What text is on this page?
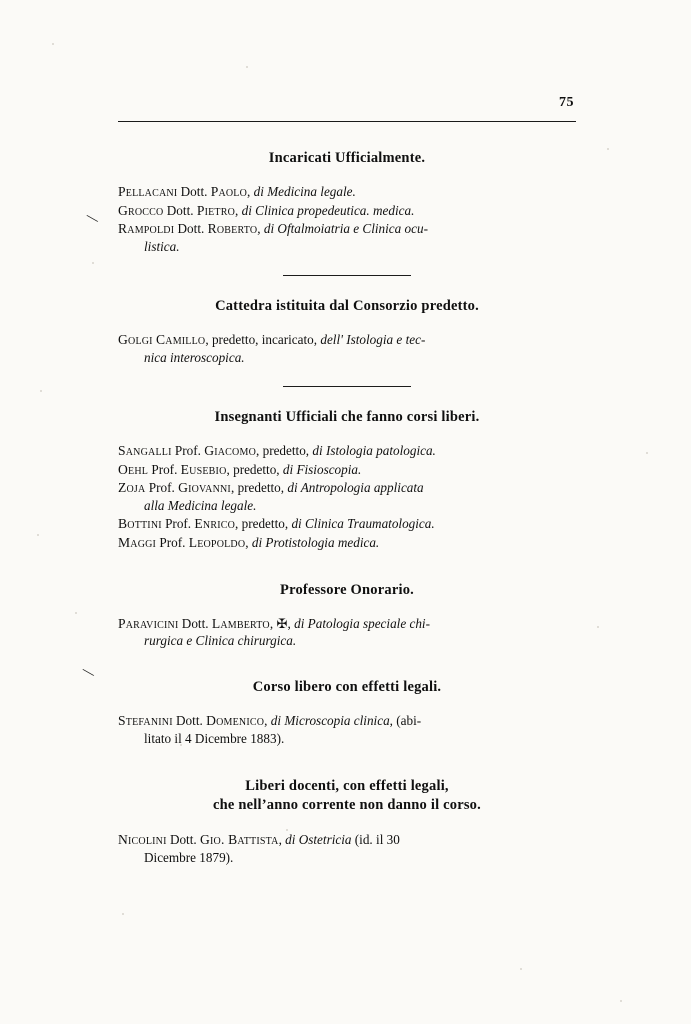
⟍
⟍
75
Incaricati Ufficialmente.
Pellacani Dott. Paolo, di Medicina legale.
Grocco Dott. Pietro, di Clinica propedeutica. medica.
Rampoldi Dott. Roberto, di Oftalmoiatria e Clinica ocu-
listica.
Cattedra istituita dal Consorzio predetto.
Golgi Camillo, predetto, incaricato, dell' Istologia e tec-
nica interoscopica.
Insegnanti Ufficiali che fanno corsi liberi.
Sangalli Prof. Giacomo, predetto, di Istologia patologica.
Oehl Prof. Eusebio, predetto, di Fisioscopia.
Zoja Prof. Giovanni, predetto, di Antropologia applicata
alla Medicina legale.
Bottini Prof. Enrico, predetto, di Clinica Traumatologica.
Maggi Prof. Leopoldo, di Protistologia medica.
Professore Onorario.
Paravicini Dott. Lamberto, ✠, di Patologia speciale chi-
rurgica e Clinica chirurgica.
Corso libero con effetti legali.
Stefanini Dott. Domenico, di Microscopia clinica, (abi-
litato il 4 Dicembre 1883).
Liberi docenti, con effetti legali,
che nell’anno corrente non danno il corso.
Nicolini Dott. Gio. Battista, di Ostetricia (id. il 30
Dicembre 1879).
